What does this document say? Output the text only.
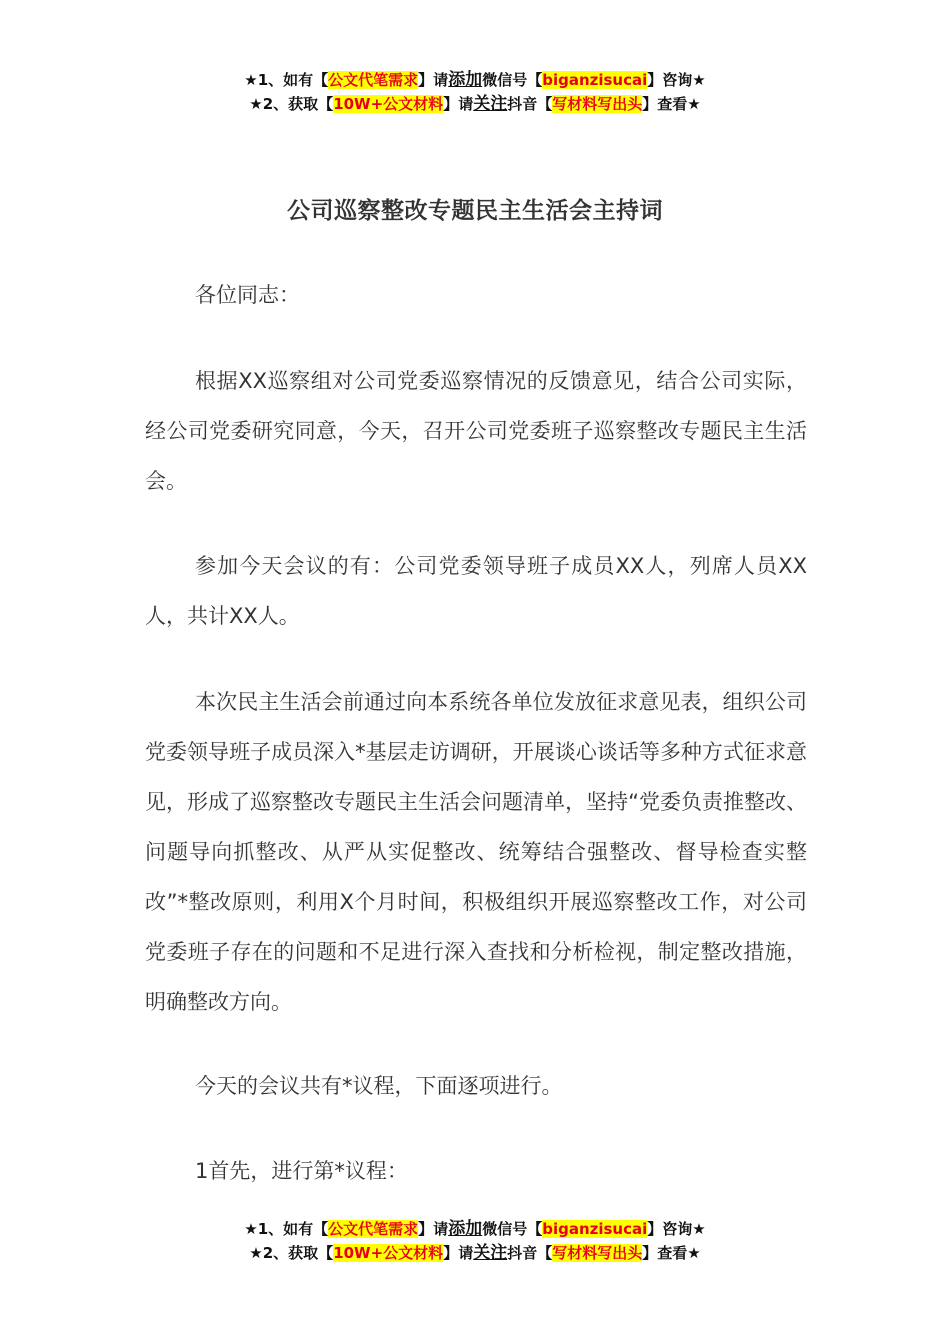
★1、如有【公文代笔需求】请添加微信号【biganzisucai】咨询★
★2、获取【10W+公文材料】请关注抖音【写材料写出头】查看★
公司巡察整改专题民主生活会主持词

各位同志：

根据XX巡察组对公司党委巡察情况的反馈意见，结合公司实际，经公司党委研究同意，今天，召开公司党委班子巡察整改专题民主生活会。

参加今天会议的有：公司党委领导班子成员XX人，列席人员XX人，共计XX人。

本次民主生活会前通过向本系统各单位发放征求意见表，组织公司党委领导班子成员深入*基层走访调研，开展谈心谈话等多种方式征求意见，形成了巡察整改专题民主生活会问题清单，坚持“党委负责推整改、问题导向抓整改、从严从实促整改、统筹结合强整改、督导检查实整改”*整改原则，利用X个月时间，积极组织开展巡察整改工作，对公司党委班子存在的问题和不足进行深入查找和分析检视，制定整改措施，明确整改方向。

今天的会议共有*议程，下面逐项进行。

1首先，进行第*议程：

★1、如有【公文代笔需求】请添加微信号【biganzisucai】咨询★
★2、获取【10W+公文材料】请关注抖音【写材料写出头】查看★
